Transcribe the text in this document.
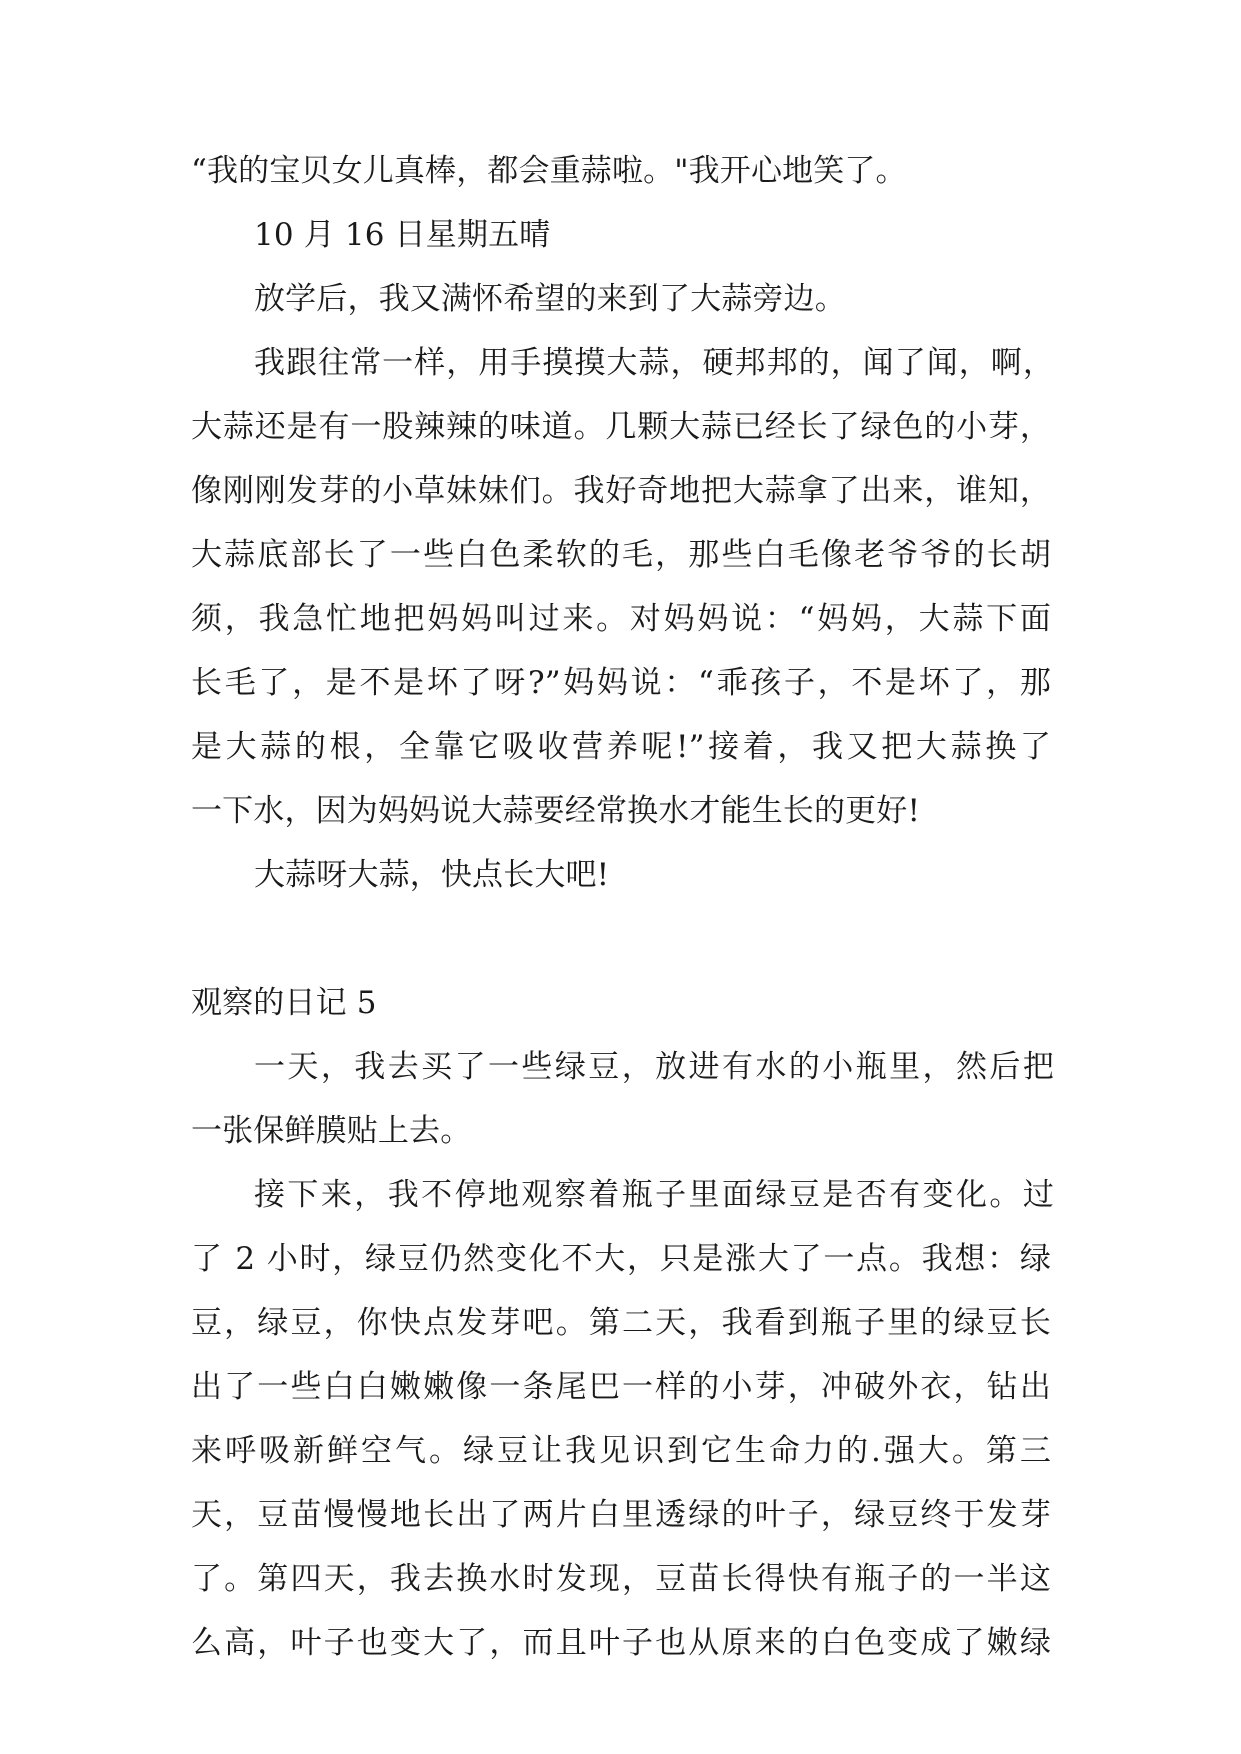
“我的宝贝女儿真棒，都会重蒜啦。"我开心地笑了。
10 月 16 日星期五晴
放学后，我又满怀希望的来到了大蒜旁边。
我跟往常一样，用手摸摸大蒜，硬邦邦的，闻了闻，啊，
大蒜还是有一股辣辣的味道。几颗大蒜已经长了绿色的小芽，
像刚刚发芽的小草妹妹们。我好奇地把大蒜拿了出来，谁知，
大蒜底部长了一些白色柔软的毛，那些白毛像老爷爷的长胡
须，我急忙地把妈妈叫过来。对妈妈说：“妈妈，大蒜下面
长毛了，是不是坏了呀?”妈妈说：“乖孩子，不是坏了，那
是大蒜的根，全靠它吸收营养呢!”接着，我又把大蒜换了
一下水，因为妈妈说大蒜要经常换水才能生长的更好!
大蒜呀大蒜，快点长大吧!
观察的日记 5
一天，我去买了一些绿豆，放进有水的小瓶里，然后把
一张保鲜膜贴上去。
接下来，我不停地观察着瓶子里面绿豆是否有变化。过
了 2 小时，绿豆仍然变化不大，只是涨大了一点。我想：绿
豆，绿豆，你快点发芽吧。第二天，我看到瓶子里的绿豆长
出了一些白白嫩嫩像一条尾巴一样的小芽，冲破外衣，钻出
来呼吸新鲜空气。绿豆让我见识到它生命力的.强大。第三
天，豆苗慢慢地长出了两片白里透绿的叶子，绿豆终于发芽
了。第四天，我去换水时发现，豆苗长得快有瓶子的一半这
么高，叶子也变大了，而且叶子也从原来的白色变成了嫩绿
